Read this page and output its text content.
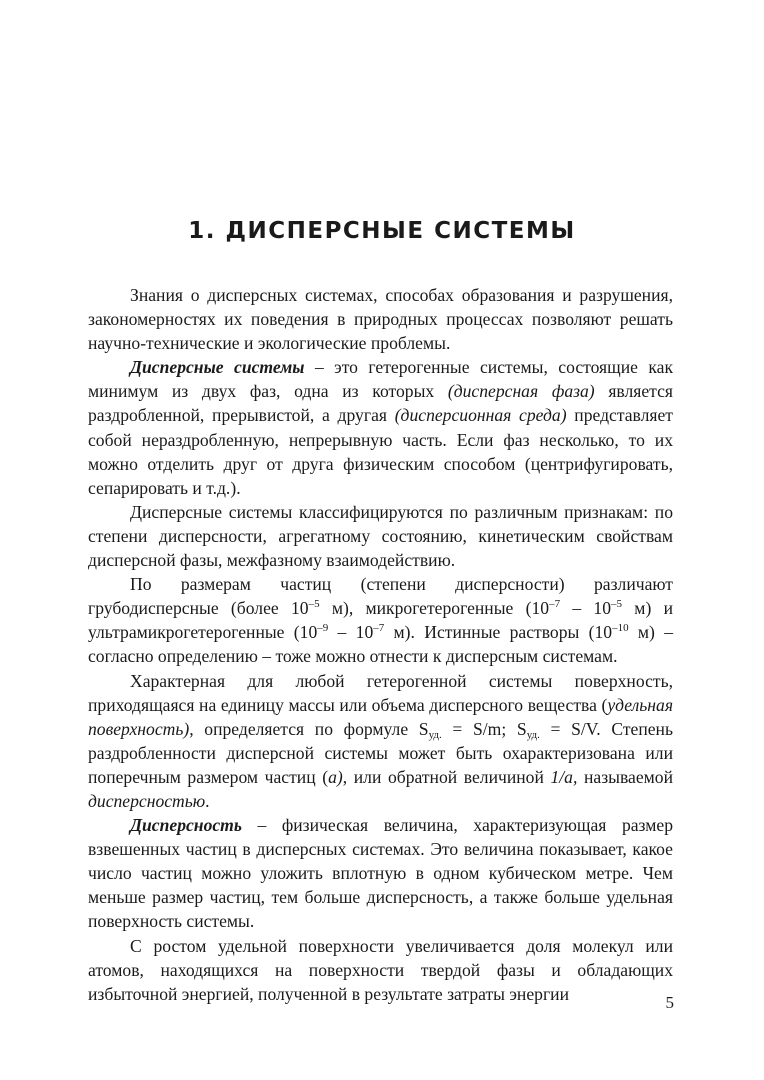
1. ДИСПЕРСНЫЕ СИСТЕМЫ

Знания о дисперсных системах, способах образования и разрушения, закономерностях их поведения в природных процессах позволяют решать научно-технические и экологические проблемы.

Дисперсные системы – это гетерогенные системы, состоящие как минимум из двух фаз, одна из которых (дисперсная фаза) является раздробленной, прерывистой, а другая (дисперсионная среда) представляет собой нераздробленную, непрерывную часть. Если фаз несколько, то их можно отделить друг от друга физическим способом (центрифугировать, сепарировать и т.д.).

Дисперсные системы классифицируются по различным признакам: по степени дисперсности, агрегатному состоянию, кинетическим свойствам дисперсной фазы, межфазному взаимодействию.

По размерам частиц (степени дисперсности) различают грубодисперсные (более $10^{-5}$ м), микрогетерогенные ($10^{-7} - 10^{-5}$ м) и ультрамикрогетерогенные ($10^{-9} - 10^{-7}$ м). Истинные растворы ($10^{-10}$ м) – согласно определению – тоже можно отнести к дисперсным системам.

Характерная для любой гетерогенной системы поверхность, приходящаяся на единицу массы или объема дисперсного вещества (удельная поверхность), определяется по формуле $S_{уд.} = S/m$; $S_{уд.} = S/V$. Степень раздробленности дисперсной системы может быть охарактеризована или поперечным размером частиц (а), или обратной величиной 1/а, называемой дисперсностью.

Дисперсность – физическая величина, характеризующая размер взвешенных частиц в дисперсных системах. Это величина показывает, какое число частиц можно уложить вплотную в одном кубическом метре. Чем меньше размер частиц, тем больше дисперсность, а также больше удельная поверхность системы.

С ростом удельной поверхности увеличивается доля молекул или атомов, находящихся на поверхности твердой фазы и обладающих избыточной энергией, полученной в результате затраты энергии	5
